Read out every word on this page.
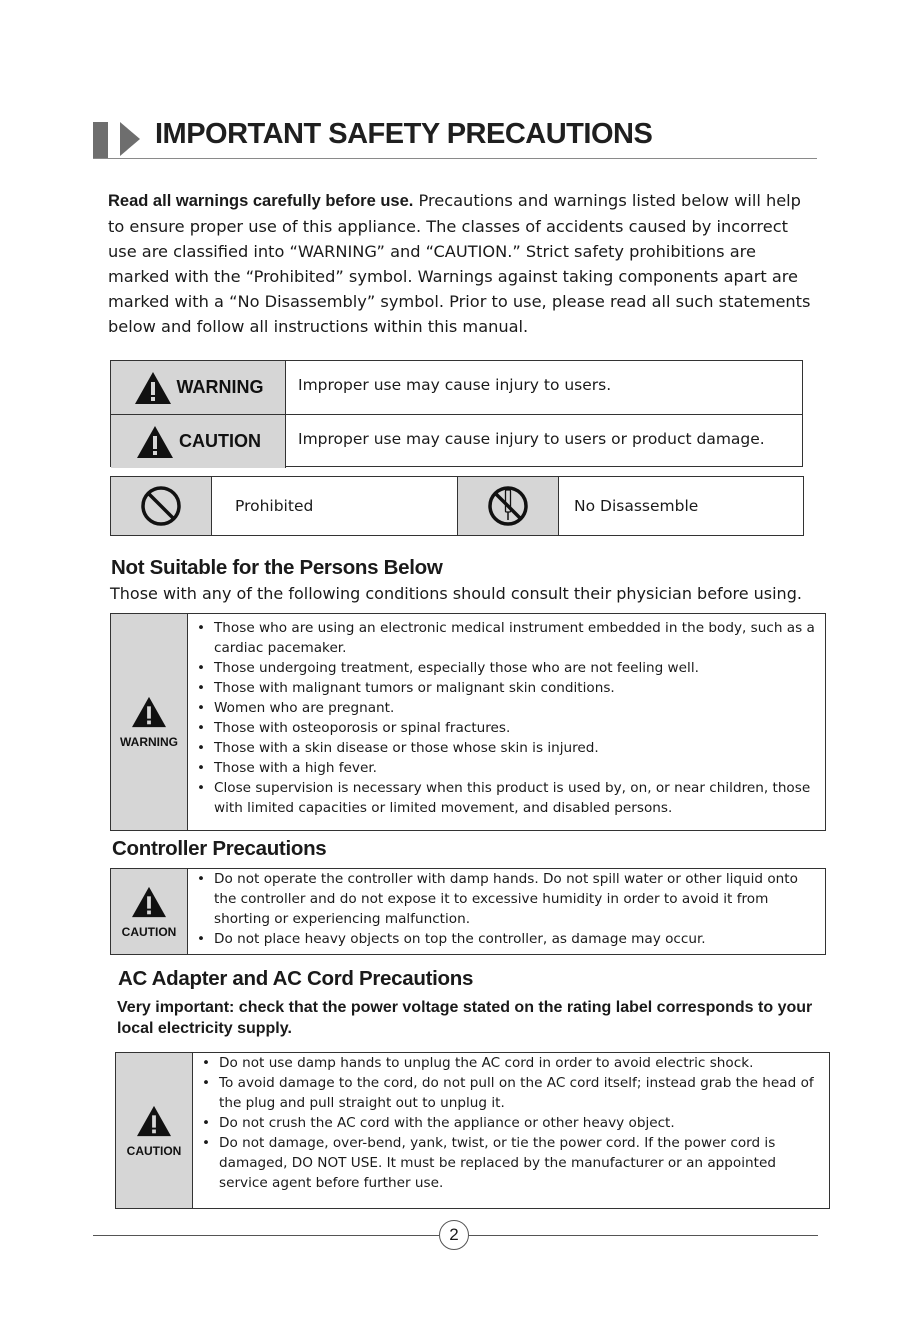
IMPORTANT SAFETY PRECAUTIONS
Read all warnings carefully before use. Precautions and warnings listed below will help to ensure proper use of this appliance. The classes of accidents caused by incorrect use are classified into “WARNING” and “CAUTION.” Strict safety prohibitions are marked with the “Prohibited” symbol. Warnings against taking components apart are marked with a “No Disassembly” symbol. Prior to use, please read all such statements below and follow all instructions within this manual.
WARNING Improper use may cause injury to users.
CAUTION Improper use may cause injury to users or product damage.
Prohibited	No Disassemble
Not Suitable for the Persons Below
Those with any of the following conditions should consult their physician before using.
WARNING
• Those who are using an electronic medical instrument embedded in the body, such as a cardiac pacemaker.
• Those undergoing treatment, especially those who are not feeling well.
• Those with malignant tumors or malignant skin conditions.
• Women who are pregnant.
• Those with osteoporosis or spinal fractures.
• Those with a skin disease or those whose skin is injured.
• Those with a high fever.
• Close supervision is necessary when this product is used by, on, or near children, those with limited capacities or limited movement, and disabled persons.
Controller Precautions
CAUTION
• Do not operate the controller with damp hands. Do not spill water or other liquid onto the controller and do not expose it to excessive humidity in order to avoid it from shorting or experiencing malfunction.
• Do not place heavy objects on top the controller, as damage may occur.
AC Adapter and AC Cord Precautions
Very important: check that the power voltage stated on the rating label corresponds to your local electricity supply.
CAUTION
• Do not use damp hands to unplug the AC cord in order to avoid electric shock.
• To avoid damage to the cord, do not pull on the AC cord itself; instead grab the head of the plug and pull straight out to unplug it.
• Do not crush the AC cord with the appliance or other heavy object.
• Do not damage, over-bend, yank, twist, or tie the power cord. If the power cord is damaged, DO NOT USE. It must be replaced by the manufacturer or an appointed service agent before further use.
2
